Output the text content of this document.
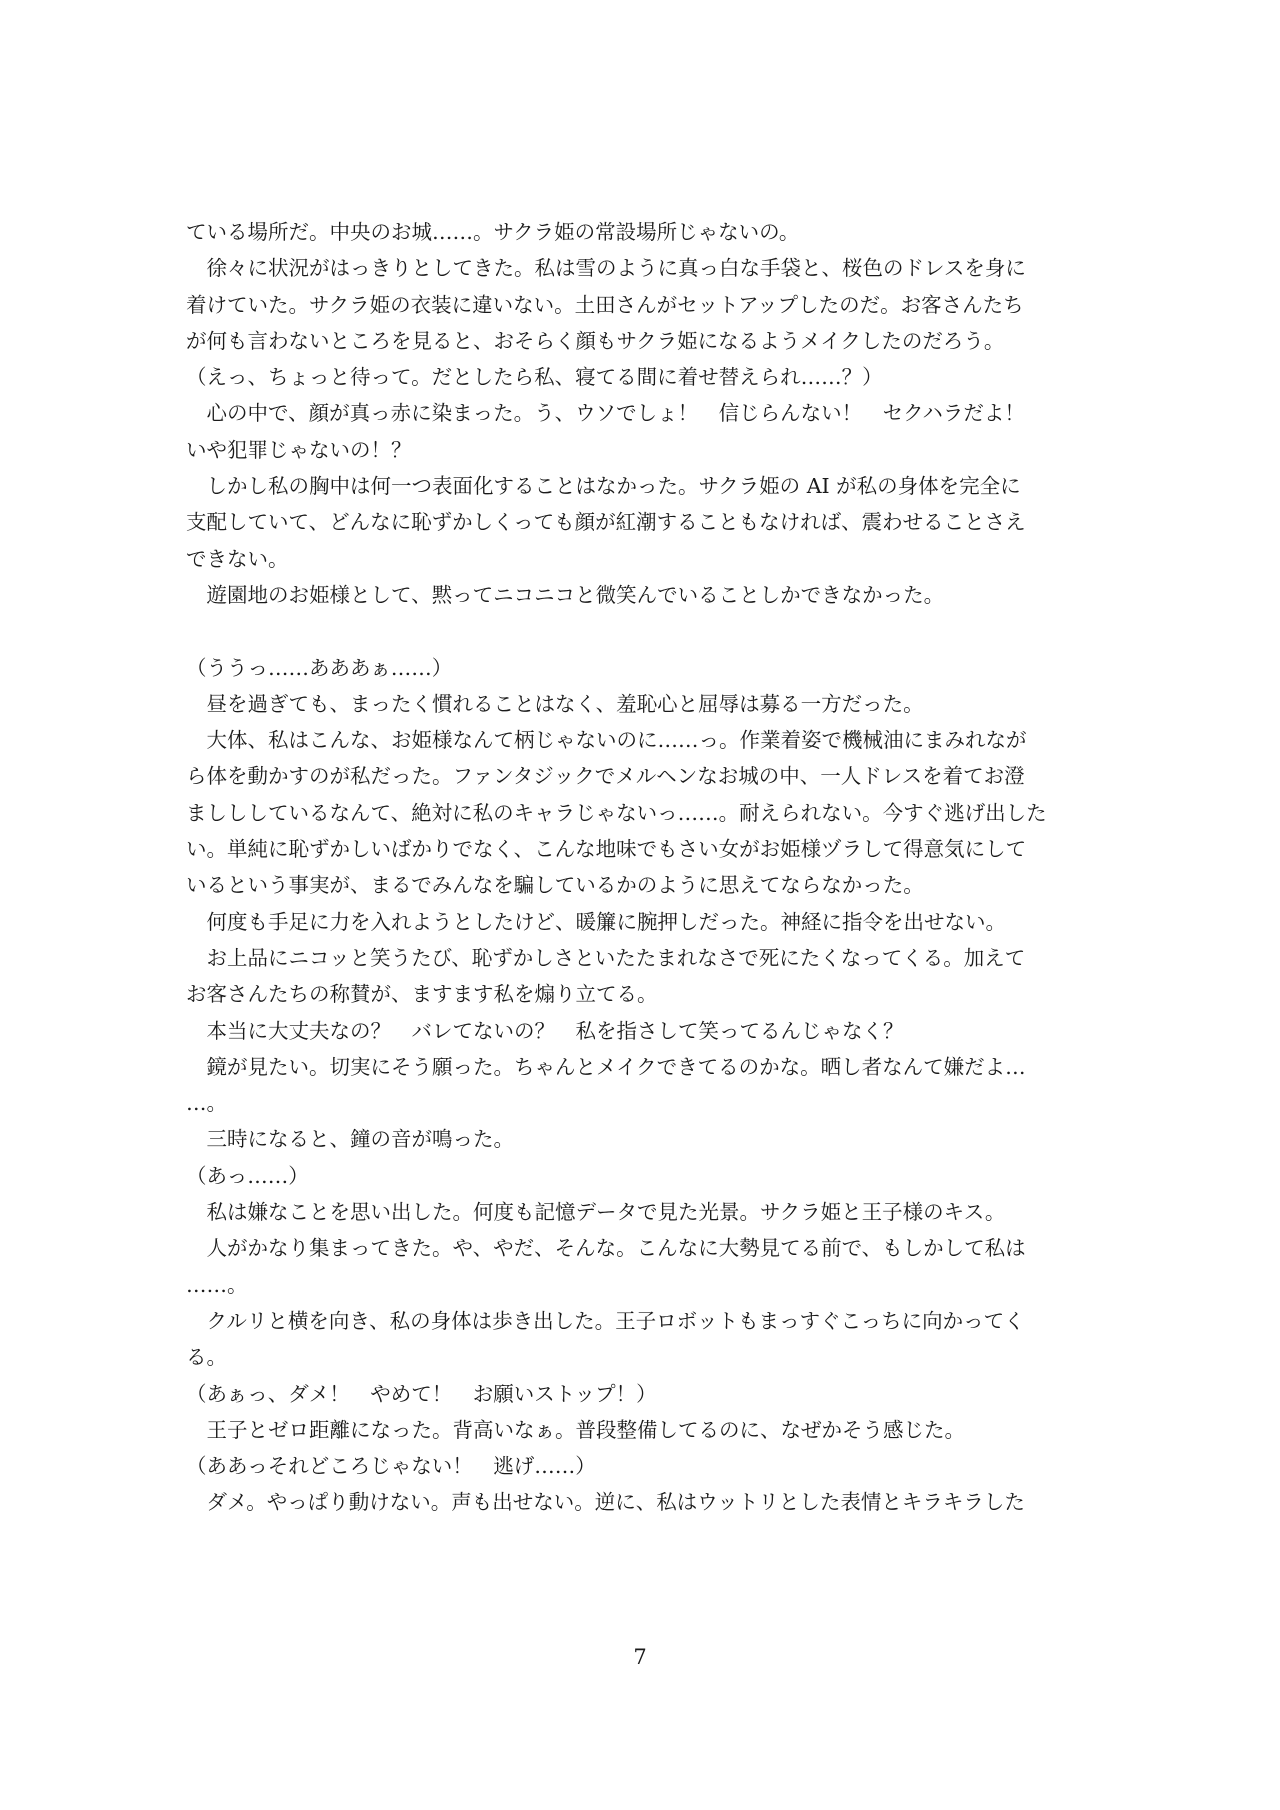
ている場所だ。中央のお城……。サクラ姫の常設場所じゃないの。
　徐々に状況がはっきりとしてきた。私は雪のように真っ白な手袋と、桜色のドレスを身に
着けていた。サクラ姫の衣装に違いない。土田さんがセットアップしたのだ。お客さんたち
が何も言わないところを見ると、おそらく顔もサクラ姫になるようメイクしたのだろう。
（えっ、ちょっと待って。だとしたら私、寝てる間に着せ替えられ……？）
　心の中で、顔が真っ赤に染まった。う、ウソでしょ！　信じらんない！　セクハラだよ！
いや犯罪じゃないの！？
　しかし私の胸中は何一つ表面化することはなかった。サクラ姫の AI が私の身体を完全に
支配していて、どんなに恥ずかしくっても顔が紅潮することもなければ、震わせることさえ
できない。
　遊園地のお姫様として、黙ってニコニコと微笑んでいることしかできなかった。
（ううっ……あああぁ……）
　昼を過ぎても、まったく慣れることはなく、羞恥心と屈辱は募る一方だった。
　大体、私はこんな、お姫様なんて柄じゃないのに……っ。作業着姿で機械油にまみれなが
ら体を動かすのが私だった。ファンタジックでメルヘンなお城の中、一人ドレスを着てお澄
ましししているなんて、絶対に私のキャラじゃないっ……。耐えられない。今すぐ逃げ出した
い。単純に恥ずかしいばかりでなく、こんな地味でもさい女がお姫様ヅラして得意気にして
いるという事実が、まるでみんなを騙しているかのように思えてならなかった。
　何度も手足に力を入れようとしたけど、暖簾に腕押しだった。神経に指令を出せない。
　お上品にニコッと笑うたび、恥ずかしさといたたまれなさで死にたくなってくる。加えて
お客さんたちの称賛が、ますます私を煽り立てる。
　本当に大丈夫なの？　バレてないの？　私を指さして笑ってるんじゃなく？
　鏡が見たい。切実にそう願った。ちゃんとメイクできてるのかな。晒し者なんて嫌だよ…
…。
　三時になると、鐘の音が鳴った。
（あっ……）
　私は嫌なことを思い出した。何度も記憶データで見た光景。サクラ姫と王子様のキス。
　人がかなり集まってきた。や、やだ、そんな。こんなに大勢見てる前で、もしかして私は
……。
　クルリと横を向き、私の身体は歩き出した。王子ロボットもまっすぐこっちに向かってく
る。
（あぁっ、ダメ！　やめて！　お願いストップ！）
　王子とゼロ距離になった。背高いなぁ。普段整備してるのに、なぜかそう感じた。
（ああっそれどころじゃない！　逃げ……）
　ダメ。やっぱり動けない。声も出せない。逆に、私はウットリとした表情とキラキラした
7
